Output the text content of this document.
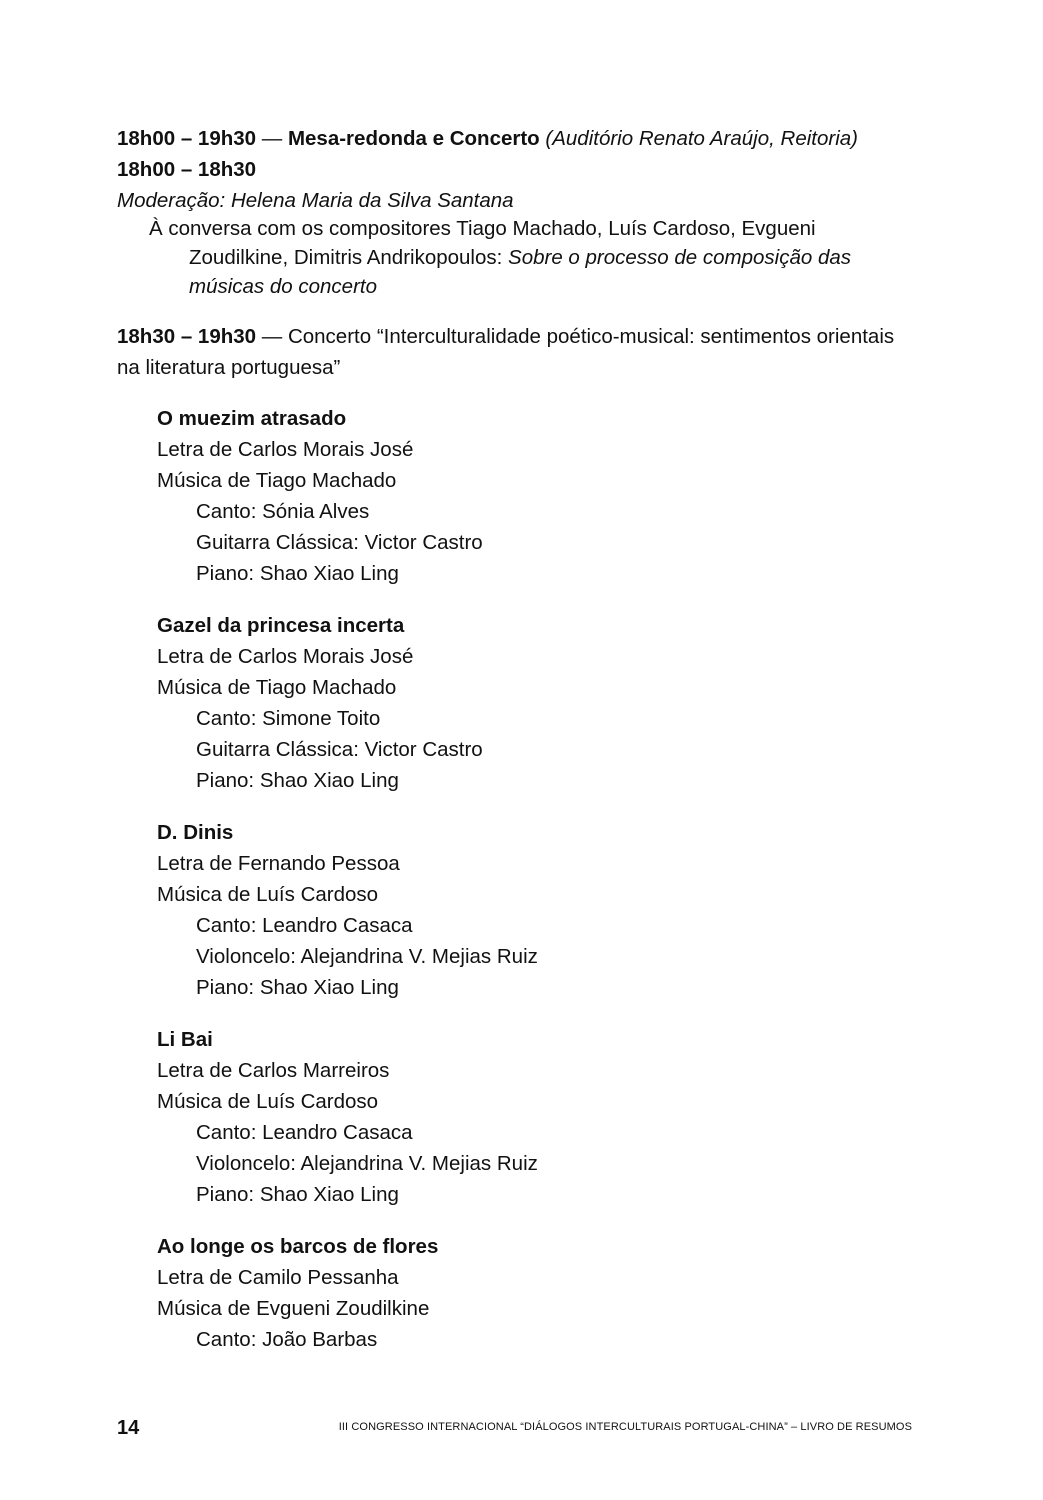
18h00 – 19h30 — Mesa-redonda e Concerto (Auditório Renato Araújo, Reitoria)
18h00 – 18h30
Moderação: Helena Maria da Silva Santana
À conversa com os compositores Tiago Machado, Luís Cardoso, Evgueni
Zoudilkine, Dimitris Andrikopoulos: Sobre o processo de composição das
músicas do concerto
18h30 – 19h30 — Concerto “Interculturalidade poético-musical: sentimentos orientais
na literatura portuguesa”
O muezim atrasado
Letra de Carlos Morais José
Música de Tiago Machado
Canto: Sónia Alves
Guitarra Clássica: Victor Castro
Piano: Shao Xiao Ling
Gazel da princesa incerta
Letra de Carlos Morais José
Música de Tiago Machado
Canto: Simone Toito
Guitarra Clássica: Victor Castro
Piano: Shao Xiao Ling
D. Dinis
Letra de Fernando Pessoa
Música de Luís Cardoso
Canto: Leandro Casaca
Violoncelo: Alejandrina V. Mejias Ruiz
Piano: Shao Xiao Ling
Li Bai
Letra de Carlos Marreiros
Música de Luís Cardoso
Canto: Leandro Casaca
Violoncelo: Alejandrina V. Mejias Ruiz
Piano: Shao Xiao Ling
Ao longe os barcos de flores
Letra de Camilo Pessanha
Música de Evgueni Zoudilkine
Canto: João Barbas
14	III CONGRESSO INTERNACIONAL “DIÁLOGOS INTERCULTURAIS PORTUGAL-CHINA” – LIVRO DE RESUMOS
